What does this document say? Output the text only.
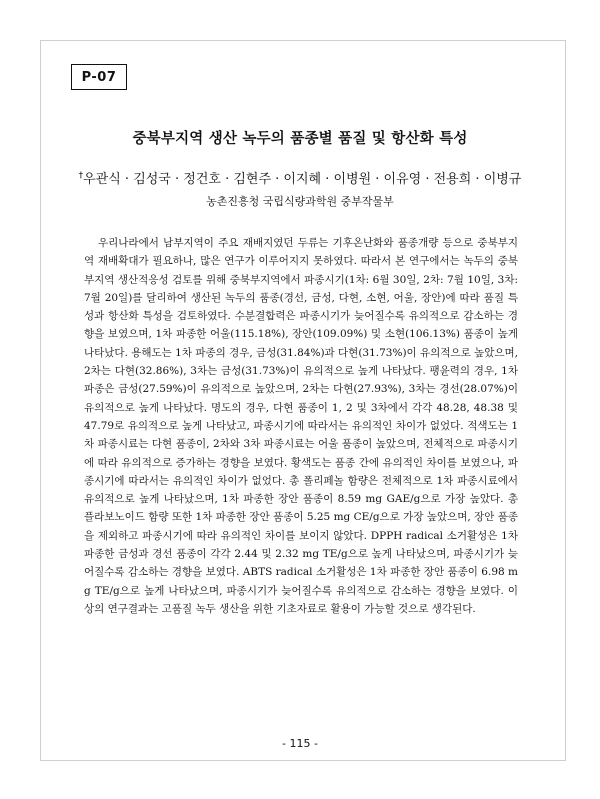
P-07
중북부지역 생산 녹두의 품종별 품질 및 항산화 특성
†우관식 · 김성국 · 정건호 · 김현주 · 이지혜 · 이병원 · 이유영 · 전용희 · 이병규
농촌진흥청 국립식량과학원 중부작물부

우리나라에서 남부지역이 주요 재배지였던 두류는 기후온난화와 품종개량 등으로 중북부지역 재배확대가 필요하나, 많은 연구가 이루어지지 못하였다. 따라서 본 연구에서는 녹두의 중북부지역 생산적응성 검토를 위해 중북부지역에서 파종시기(1차: 6월 30일, 2차: 7월 10일, 3차: 7월 20일)를 달리하여 생산된 녹두의 품종(경선, 금성, 다현, 소현, 어울, 장안)에 따라 품질 특성과 항산화 특성을 검토하였다. 수분결합력은 파종시기가 늦어질수록 유의적으로 감소하는 경향을 보였으며, 1차 파종한 어울(115.18%), 장안(109.09%) 및 소현(106.13%) 품종이 높게 나타났다. 용해도는 1차 파종의 경우, 금성(31.84%)과 다현(31.73%)이 유의적으로 높았으며, 2차는 다현(32.86%), 3차는 금성(31.73%)이 유의적으로 높게 나타났다. 팽윤력의 경우, 1차 파종은 금성(27.59%)이 유의적으로 높았으며, 2차는 다현(27.93%), 3차는 경선(28.07%)이 유의적으로 높게 나타났다. 명도의 경우, 다현 품종이 1, 2 및 3차에서 각각 48.28, 48.38 및 47.79로 유의적으로 높게 나타났고, 파종시기에 따라서는 유의적인 차이가 없었다. 적색도는 1차 파종시료는 다현 품종이, 2차와 3차 파종시료는 어울 품종이 높았으며, 전체적으로 파종시기에 따라 유의적으로 증가하는 경향을 보였다. 황색도는 품종 간에 유의적인 차이를 보였으나, 파종시기에 따라서는 유의적인 차이가 없었다. 총 폴리페놀 함량은 전체적으로 1차 파종시료에서 유의적으로 높게 나타났으며, 1차 파종한 장안 품종이 8.59 mg GAE/g으로 가장 높았다. 총 플라보노이드 함량 또한 1차 파종한 장안 품종이 5.25 mg CE/g으로 가장 높았으며, 장안 품종을 제외하고 파종시기에 따라 유의적인 차이를 보이지 않았다. DPPH radical 소거활성은 1차 파종한 금성과 경선 품종이 각각 2.44 및 2.32 mg TE/g으로 높게 나타났으며, 파종시기가 늦어질수록 감소하는 경향을 보였다. ABTS radical 소거활성은 1차 파종한 장안 품종이 6.98 mg TE/g으로 높게 나타났으며, 파종시기가 늦어질수록 유의적으로 감소하는 경향을 보였다. 이상의 연구결과는 고품질 녹두 생산을 위한 기초자료로 활용이 가능할 것으로 생각된다.

- 115 -
